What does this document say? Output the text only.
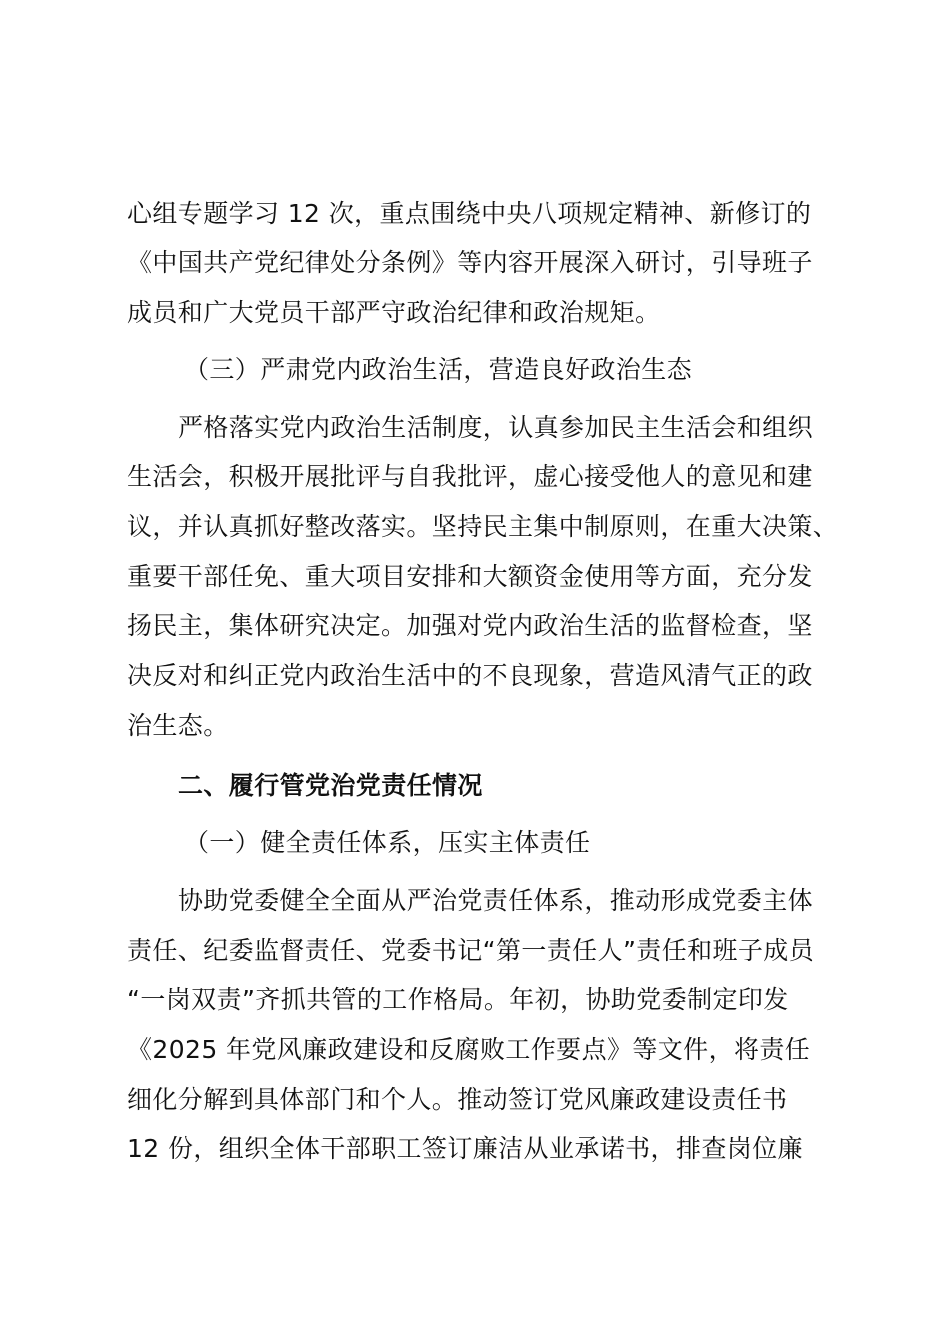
心组专题学习 12 次，重点围绕中央八项规定精神、新修订的
《中国共产党纪律处分条例》等内容开展深入研讨，引导班子
成员和广大党员干部严守政治纪律和政治规矩。
（三）严肃党内政治生活，营造良好政治生态
严格落实党内政治生活制度，认真参加民主生活会和组织
生活会，积极开展批评与自我批评，虚心接受他人的意见和建
议，并认真抓好整改落实。坚持民主集中制原则，在重大决策、
重要干部任免、重大项目安排和大额资金使用等方面，充分发
扬民主，集体研究决定。加强对党内政治生活的监督检查，坚
决反对和纠正党内政治生活中的不良现象，营造风清气正的政
治生态。
二、履行管党治党责任情况
（一）健全责任体系，压实主体责任
协助党委健全全面从严治党责任体系，推动形成党委主体
责任、纪委监督责任、党委书记“第一责任人”责任和班子成员
“一岗双责”齐抓共管的工作格局。年初，协助党委制定印发
《2025 年党风廉政建设和反腐败工作要点》等文件，将责任
细化分解到具体部门和个人。推动签订党风廉政建设责任书
12 份，组织全体干部职工签订廉洁从业承诺书，排查岗位廉
